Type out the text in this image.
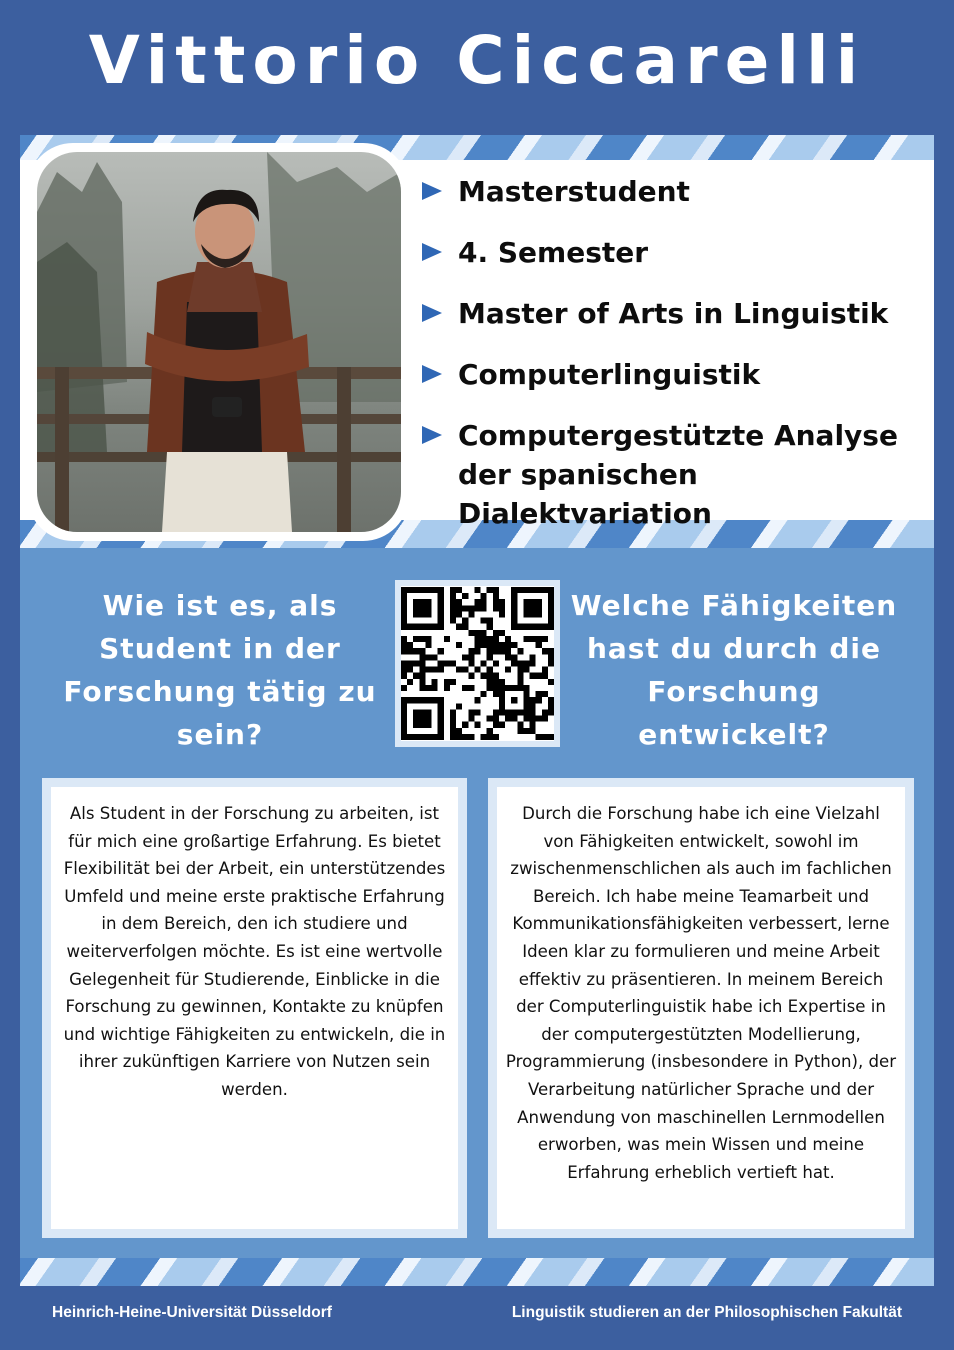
Vittorio Ciccarelli
Masterstudent
4. Semester
Master of Arts in Linguistik
Computerlinguistik
Computergestützte Analyse der spanischen Dialektvariation
Wie ist es, als Student in der Forschung tätig zu sein?
Welche Fähigkeiten hast du durch die Forschung entwickelt?
Als Student in der Forschung zu arbeiten, ist für mich eine großartige Erfahrung. Es bietet Flexibilität bei der Arbeit, ein unterstützendes Umfeld und meine erste praktische Erfahrung in dem Bereich, den ich studiere und weiterverfolgen möchte. Es ist eine wertvolle Gelegenheit für Studierende, Einblicke in die Forschung zu gewinnen, Kontakte zu knüpfen und wichtige Fähigkeiten zu entwickeln, die in ihrer zukünftigen Karriere von Nutzen sein werden.
Durch die Forschung habe ich eine Vielzahl von Fähigkeiten entwickelt, sowohl im zwischenmenschlichen als auch im fachlichen Bereich. Ich habe meine Teamarbeit und Kommunikationsfähigkeiten verbessert, lerne Ideen klar zu formulieren und meine Arbeit effektiv zu präsentieren. In meinem Bereich der Computerlinguistik habe ich Expertise in der computergestützten Modellierung, Programmierung (insbesondere in Python), der Verarbeitung natürlicher Sprache und der Anwendung von maschinellen Lernmodellen erworben, was mein Wissen und meine Erfahrung erheblich vertieft hat.
Heinrich-Heine-Universität Düsseldorf	Linguistik studieren an der Philosophischen Fakultät
